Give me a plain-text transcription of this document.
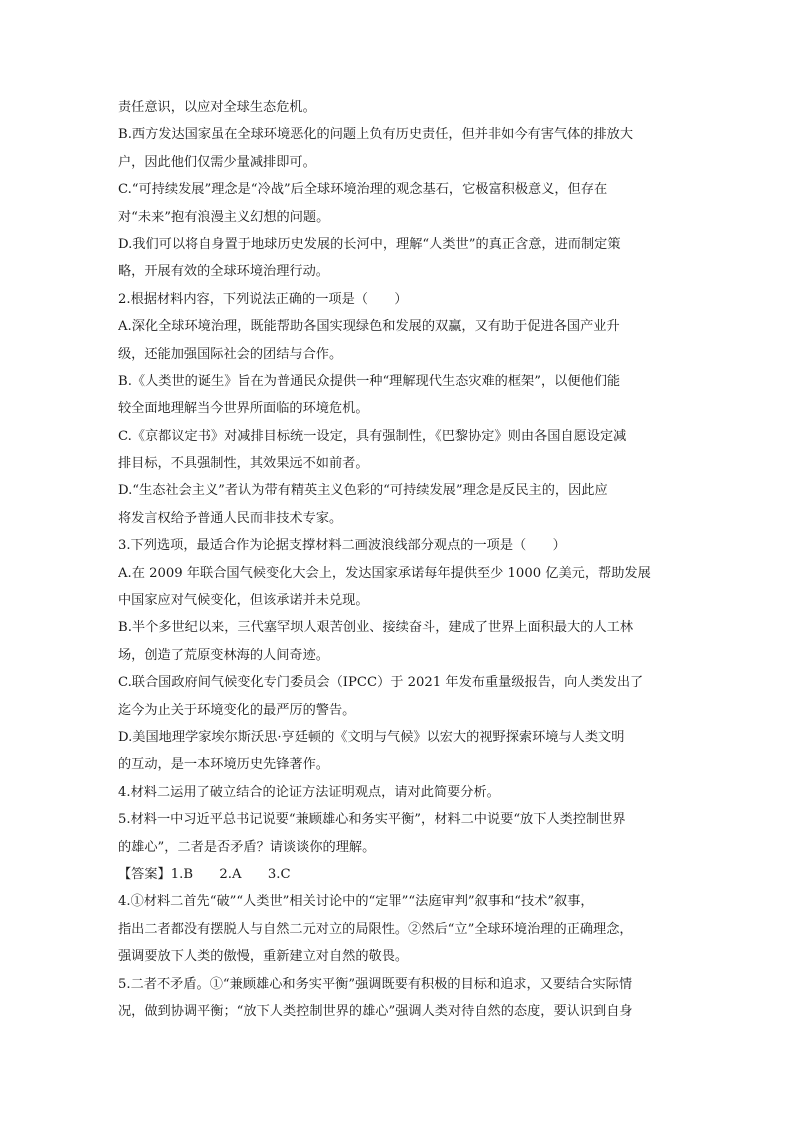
责任意识，以应对全球生态危机。
B.西方发达国家虽在全球环境恶化的问题上负有历史责任，但并非如今有害气体的排放大
户，因此他们仅需少量减排即可。
C.“可持续发展”理念是“冷战”后全球环境治理的观念基石，它极富积极意义，但存在
对“未来”抱有浪漫主义幻想的问题。
D.我们可以将自身置于地球历史发展的长河中，理解“人类世”的真正含意，进而制定策
略，开展有效的全球环境治理行动。
2.根据材料内容，下列说法正确的一项是（　　）
A.深化全球环境治理，既能帮助各国实现绿色和发展的双赢，又有助于促进各国产业升
级，还能加强国际社会的团结与合作。
B.《人类世的诞生》旨在为普通民众提供一种“理解现代生态灾难的框架”，以便他们能
较全面地理解当今世界所面临的环境危机。
C.《京都议定书》对减排目标统一设定，具有强制性，《巴黎协定》则由各国自愿设定减
排目标，不具强制性，其效果远不如前者。
D.“生态社会主义”者认为带有精英主义色彩的“可持续发展”理念是反民主的，因此应
将发言权给予普通人民而非技术专家。
3.下列选项，最适合作为论据支撑材料二画波浪线部分观点的一项是（　　）
A.在 2009 年联合国气候变化大会上，发达国家承诺每年提供至少 1000 亿美元，帮助发展
中国家应对气候变化，但该承诺并未兑现。
B.半个多世纪以来，三代塞罕坝人艰苦创业、接续奋斗，建成了世界上面积最大的人工林
场，创造了荒原变林海的人间奇迹。
C.联合国政府间气候变化专门委员会（IPCC）于 2021 年发布重量级报告，向人类发出了
迄今为止关于环境变化的最严厉的警告。
D.美国地理学家埃尔斯沃思·亨廷顿的《文明与气候》以宏大的视野探索环境与人类文明
的互动，是一本环境历史先锋著作。
4.材料二运用了破立结合的论证方法证明观点，请对此简要分析。
5.材料一中习近平总书记说要“兼顾雄心和务实平衡”，材料二中说要“放下人类控制世界
的雄心”，二者是否矛盾？请谈谈你的理解。
【答案】1.B　　2.A　　3.C
4.①材料二首先“破”“人类世”相关讨论中的“定罪”“法庭审判”叙事和“技术”叙事，
指出二者都没有摆脱人与自然二元对立的局限性。②然后“立”全球环境治理的正确理念，
强调要放下人类的傲慢，重新建立对自然的敬畏。
5.二者不矛盾。①“兼顾雄心和务实平衡”强调既要有积极的目标和追求，又要结合实际情
况，做到协调平衡；“放下人类控制世界的雄心”强调人类对待自然的态度，要认识到自身
